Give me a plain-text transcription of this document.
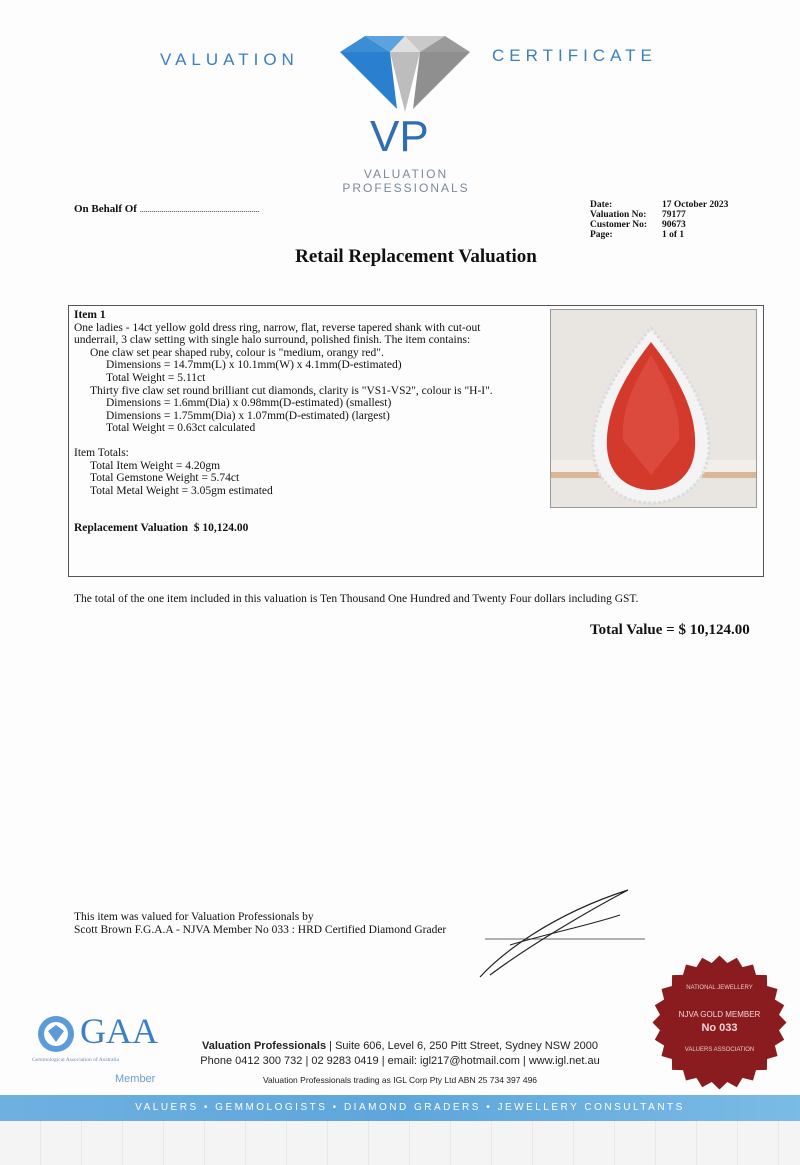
VALUATION	CERTIFICATE
VP
VALUATION
PROFESSIONALS
On Behalf Of ............................................................	Date:	17 October 2023
Valuation No:	79177
Customer No:	90673
Page:	1 of 1
Retail Replacement Valuation
Item 1
One ladies - 14ct yellow gold dress ring, narrow, flat, reverse tapered shank with cut-out
underrail, 3 claw setting with single halo surround, polished finish. The item contains:
One claw set pear shaped ruby, colour is "medium, orangy red".
Dimensions = 14.7mm(L) x 10.1mm(W) x 4.1mm(D-estimated)
Total Weight = 5.11ct
Thirty five claw set round brilliant cut diamonds, clarity is "VS1-VS2", colour is "H-I".
Dimensions = 1.6mm(Dia) x 0.98mm(D-estimated) (smallest)
Dimensions = 1.75mm(Dia) x 1.07mm(D-estimated) (largest)
Total Weight = 0.63ct calculated
Item Totals:
Total Item Weight = 4.20gm
Total Gemstone Weight = 5.74ct
Total Metal Weight = 3.05gm estimated
Replacement Valuation $ 10,124.00
The total of the one item included in this valuation is Ten Thousand One Hundred and Twenty Four dollars including GST.
Total Value = $ 10,124.00
This item was valued for Valuation Professionals by
Scott Brown F.G.A.A - NJVA Member No 033 : HRD Certified Diamond Grader
GAA
Gemmological Association of Australia
Member
Valuation Professionals | Suite 606, Level 6, 250 Pitt Street, Sydney NSW 2000
Phone 0412 300 732 | 02 9283 0419 | email: igl217@hotmail.com | www.igl.net.au
Valuation Professionals trading as IGL Corp Pty Ltd ABN 25 734 397 496
NATIONAL JEWELLERY
NJVA GOLD MEMBER
No 033
VALUERS ASSOCIATION
VALUERS • GEMMOLOGISTS • DIAMOND GRADERS • JEWELLERY CONSULTANTS
